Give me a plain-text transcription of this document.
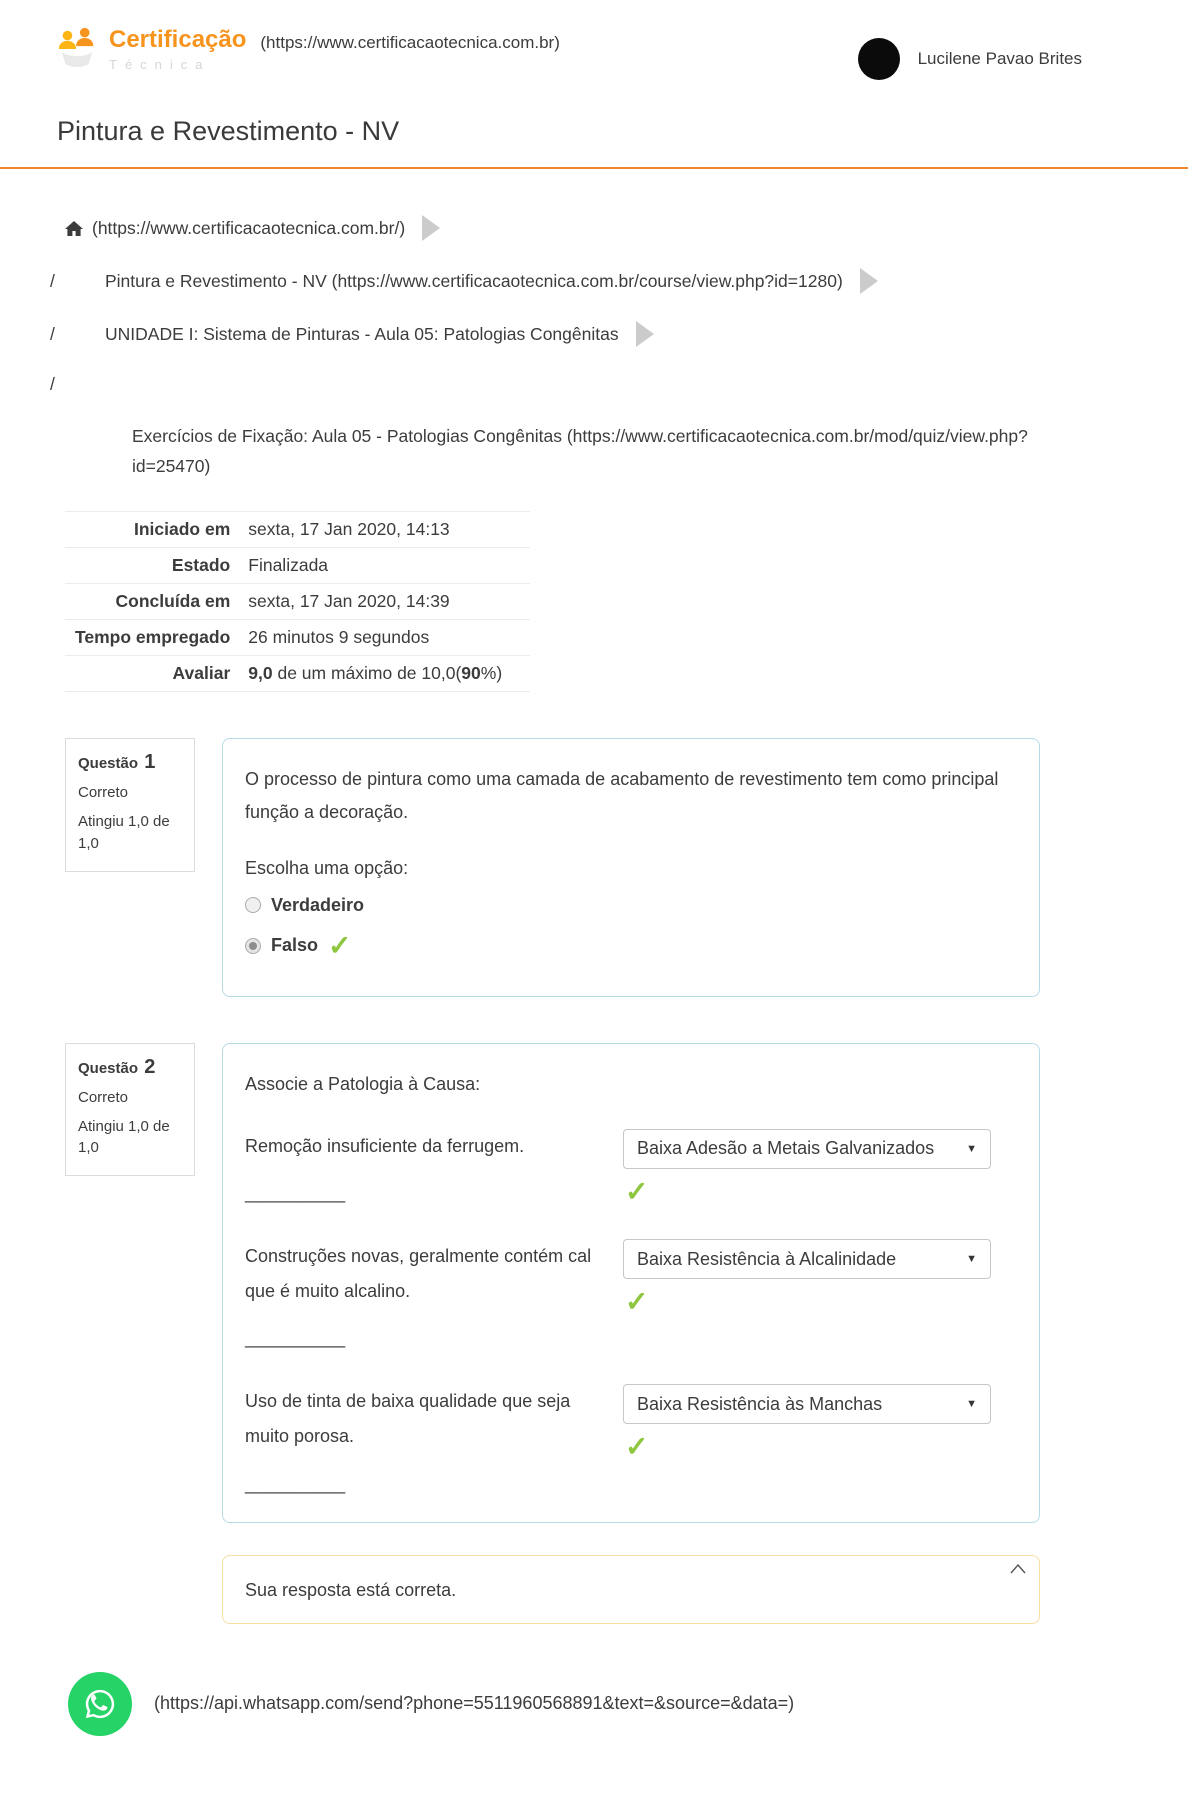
Certificação
Técnica
(https://www.certificacaotecnica.com.br)
Lucilene Pavao Brites
Pintura e Revestimento - NV
(https://www.certificacaotecnica.com.br/)
/	Pintura e Revestimento - NV (https://www.certificacaotecnica.com.br/course/view.php?id=1280)
/	UNIDADE I: Sistema de Pinturas - Aula 05: Patologias Congênitas
/
Exercícios de Fixação: Aula 05 - Patologias Congênitas (https://www.certificacaotecnica.com.br/mod/quiz/view.php?id=25470)
Iniciado em	sexta, 17 Jan 2020, 14:13
Estado	Finalizada
Concluída em	sexta, 17 Jan 2020, 14:39
Tempo empregado	26 minutos 9 segundos
Avaliar	9,0 de um máximo de 10,0(90%)
Questão 1
Correto
Atingiu 1,0 de 1,0

O processo de pintura como uma camada de acabamento de revestimento tem como principal função a decoração.

Escolha uma opção:

Verdadeiro
Falso ✓
Questão 2
Correto
Atingiu 1,0 de 1,0

Associe a Patologia à Causa:

Remoção insuficiente da ferrugem.

__________

Baixa Adesão a Metais Galvanizados	▼
✓

Construções novas, geralmente contém cal que é muito alcalino.

__________

Baixa Resistência à Alcalinidade	▼
✓

Uso de tinta de baixa qualidade que seja muito porosa.

__________

Baixa Resistência às Manchas	▼
✓

Sua resposta está correta.

(https://api.whatsapp.com/send?phone=5511960568891&text=&source=&data=)
